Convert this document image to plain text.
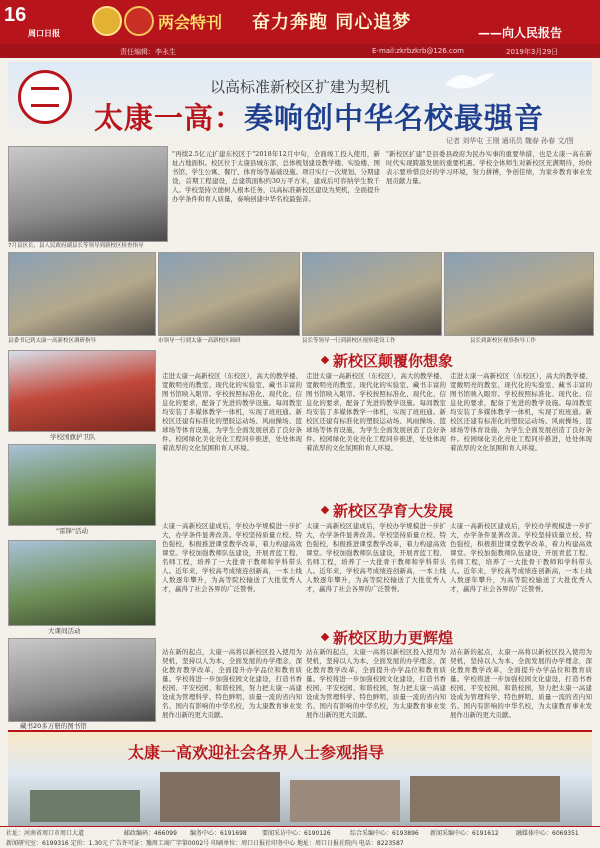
16
周口日报
两会特刊 奋力奔跑 同心追梦	——向人民报告
责任编辑：李永生	E-mail:zkrbzkrb@126.com	2019年3月29日
以高标准新校区扩建为契机
太康一高：奏响创中华名校最强音
记者 刘华屯 王刚 通讯员 魏春 孙春 文/图
7月县区长、县人民政府副县长等领导到新校区检查指导
"再续2.5亿元扩建东校区于"2018年12月中旬，全面竣工投入使用，新址占地面积。校区位于太康县城东部，总体规划建设教学楼、实验楼、图书馆、学生公寓、餐厅、体育场等基础设施。项目实行一次规划、分期建设，首期工程建设，总建筑面积约30万平方米，建成后可容纳学生数千人。学校坚持立德树人根本任务，以高标准新校区建设为契机，全面提升办学条件和育人质量，奏响创建中华名校最强音。
"新校区扩建"是县委县政府为民办实事的重要举措，也是太康一高在新时代实现跨越发展的重要机遇。学校全体师生对新校区充满期待，纷纷表示要珍惜良好的学习环境，努力拼搏，争创佳绩，为家乡教育事业发展贡献力量。
县委书记到太康一高新校区调研指导	市领导一行到太康一高新校区调研	县长等领导一行到新校区视察建设工作	县长到新校区视察指导工作
学校国旗护卫队
"雷锋"活动
大课间活动
藏书20多万册的图书馆
新校区颠覆你想象
走进太康一高新校区（东校区），高大的教学楼、宽敞明亮的教室、现代化的实验室、藏书丰富的图书馆映入眼帘。学校按照标准化、现代化、信息化的要求，配备了先进的教学设施。每间教室均安装了多媒体教学一体机，实现了班班通。新校区还建有标准化的塑胶运动场、风雨操场、篮球场等体育设施，为学生全面发展创造了良好条件。校园绿化美化亮化工程同步推进，处处体现着浓厚的文化氛围和育人环境。
走进太康一高新校区（东校区），高大的教学楼、宽敞明亮的教室、现代化的实验室、藏书丰富的图书馆映入眼帘。学校按照标准化、现代化、信息化的要求，配备了先进的教学设施。每间教室均安装了多媒体教学一体机，实现了班班通。新校区还建有标准化的塑胶运动场、风雨操场、篮球场等体育设施，为学生全面发展创造了良好条件。校园绿化美化亮化工程同步推进，处处体现着浓厚的文化氛围和育人环境。
走进太康一高新校区（东校区），高大的教学楼、宽敞明亮的教室、现代化的实验室、藏书丰富的图书馆映入眼帘。学校按照标准化、现代化、信息化的要求，配备了先进的教学设施。每间教室均安装了多媒体教学一体机，实现了班班通。新校区还建有标准化的塑胶运动场、风雨操场、篮球场等体育设施，为学生全面发展创造了良好条件。校园绿化美化亮化工程同步推进，处处体现着浓厚的文化氛围和育人环境。
新校区孕育大发展
太康一高新校区建成后，学校办学规模进一步扩大，办学条件显著改善。学校坚持质量立校、特色强校，积极推进课堂教学改革，着力构建高效课堂。学校加强教师队伍建设，开展青蓝工程、名师工程，培养了一大批骨干教师和学科带头人。近年来，学校高考成绩连创新高，一本上线人数逐年攀升，为高等院校输送了大批优秀人才，赢得了社会各界的广泛赞誉。
太康一高新校区建成后，学校办学规模进一步扩大，办学条件显著改善。学校坚持质量立校、特色强校，积极推进课堂教学改革，着力构建高效课堂。学校加强教师队伍建设，开展青蓝工程、名师工程，培养了一大批骨干教师和学科带头人。近年来，学校高考成绩连创新高，一本上线人数逐年攀升，为高等院校输送了大批优秀人才，赢得了社会各界的广泛赞誉。
太康一高新校区建成后，学校办学规模进一步扩大，办学条件显著改善。学校坚持质量立校、特色强校，积极推进课堂教学改革，着力构建高效课堂。学校加强教师队伍建设，开展青蓝工程、名师工程，培养了一大批骨干教师和学科带头人。近年来，学校高考成绩连创新高，一本上线人数逐年攀升，为高等院校输送了大批优秀人才，赢得了社会各界的广泛赞誉。
新校区助力更辉煌
站在新的起点，太康一高将以新校区投入使用为契机，坚持以人为本、全面发展的办学理念，深化教育教学改革，全面提升办学品位和教育质量。学校将进一步加强校园文化建设，打造书香校园、平安校园、和谐校园，努力把太康一高建设成为管理科学、特色鲜明、质量一流的省内知名、国内有影响的中华名校，为太康教育事业发展作出新的更大贡献。
站在新的起点，太康一高将以新校区投入使用为契机，坚持以人为本、全面发展的办学理念，深化教育教学改革，全面提升办学品位和教育质量。学校将进一步加强校园文化建设，打造书香校园、平安校园、和谐校园，努力把太康一高建设成为管理科学、特色鲜明、质量一流的省内知名、国内有影响的中华名校，为太康教育事业发展作出新的更大贡献。
站在新的起点，太康一高将以新校区投入使用为契机，坚持以人为本、全面发展的办学理念，深化教育教学改革，全面提升办学品位和教育质量。学校将进一步加强校园文化建设，打造书香校园、平安校园、和谐校园，努力把太康一高建设成为管理科学、特色鲜明、质量一流的省内知名、国内有影响的中华名校，为太康教育事业发展作出新的更大贡献。
太康一高欢迎社会各界人士参观指导
社址：河南省周口市周口大道	邮政编码：466099 编务中心：6191698	要闻采访中心：6190126	综合采编中心：6193896 新闻采编中心：6191612	融媒体中心：6069351
新闻研究室：6199316 定价：1.30元 广告许可证：豫周工商广字第0002号 印刷单位：周口日报社印务中心 地址：周口日报社院内 电话：8223587
